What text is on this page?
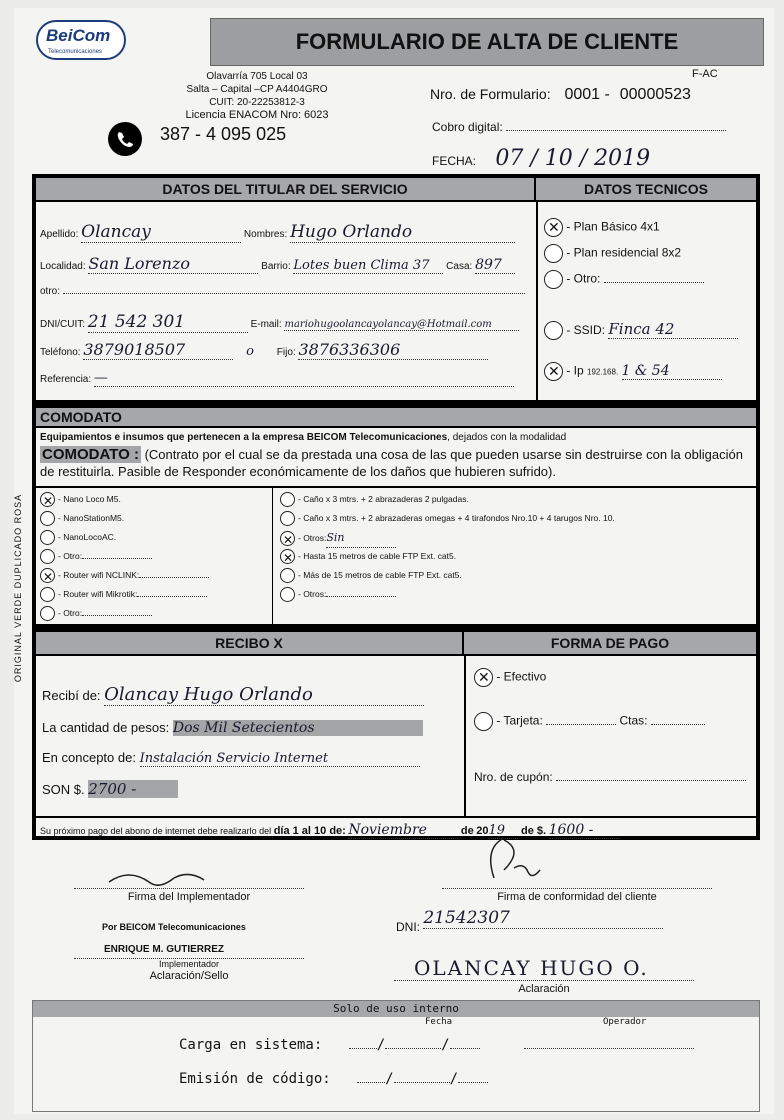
BeiCom
Telecomunicaciones	FORMULARIO DE ALTA DE CLIENTE
Olavarría 705 Local 03
Salta – Capital –CP A4404GRO
CUIT: 20-22253812-3
Licencia ENACOM Nro: 6023
387 - 4 095 025
F-AC
Nro. de Formulario: 0001 - 00000523
Cobro digital:
FECHA: 07 / 10 / 2019
DATOS DEL TITULAR DEL SERVICIO	DATOS TECNICOS
Apellido: Olancay	Nombres: Hugo Orlando
Localidad: San Lorenzo	Barrio: Lotes buen Clima 37 Casa: 897
otro:
DNI/CUIT: 21 542 301	E-mail: mariohugoolancayolancay@Hotmail.com
Teléfono: 3879018507	o Fijo: 3876336306
Referencia: —
✕ - Plan Básico 4x1
- Plan residencial 8x2
- Otro:
- SSID: Finca 42
✕ - Ip 192.168. 1 & 54
COMODATO
Equipamientos e insumos que pertenecen a la empresa BEICOM Telecomunicaciones, dejados con la modalidad
COMODATO : (Contrato por el cual se da prestada una cosa de las que pueden usarse sin destruirse con la obligación de restituirla. Pasible de Responder económicamente de los daños que hubieren sufrido).
✕- Nano Loco M5.
- NanoStationM5.
- NanoLocoAC.
- Otro:
✕- Router wifi NCLINK:
- Router wifi Mikrotik:
- Otro:
- Caño x 3 mtrs. + 2 abrazaderas 2 pulgadas.
- Caño x 3 mtrs. + 2 abrazaderas omegas + 4 tirafondos Nro.10 + 4 tarugos Nro. 10.
✕- Otros:Sin
✕- Hasta 15 metros de cable FTP Ext. cat5.
- Más de 15 metros de cable FTP Ext. cat5.
- Otros:
RECIBO X	FORMA DE PAGO
Recibí de: Olancay Hugo Orlando
La cantidad de pesos: Dos Mil Setecientos
En concepto de: Instalación Servicio Internet
SON $. 2700 -
✕ - Efectivo
- Tarjeta:	Ctas:
Nro. de cupón:
Su próximo pago del abono de internet debe realizarlo del día 1 al 10 de: Noviembre	de 2019 de $. 1600 -
Firma del Implementador
Por BEICOM Telecomunicaciones
ENRIQUE M. GUTIERREZ
Implementador
Aclaración/Sello
Firma de conformidad del cliente
DNI: 21542307
OLANCAY HUGO O.
Aclaración
Solo de uso interno
Fecha	Operador
Carga en sistema:	/	/
Emisión de código:	/	/
ORIGINAL VERDE DUPLICADO ROSA
